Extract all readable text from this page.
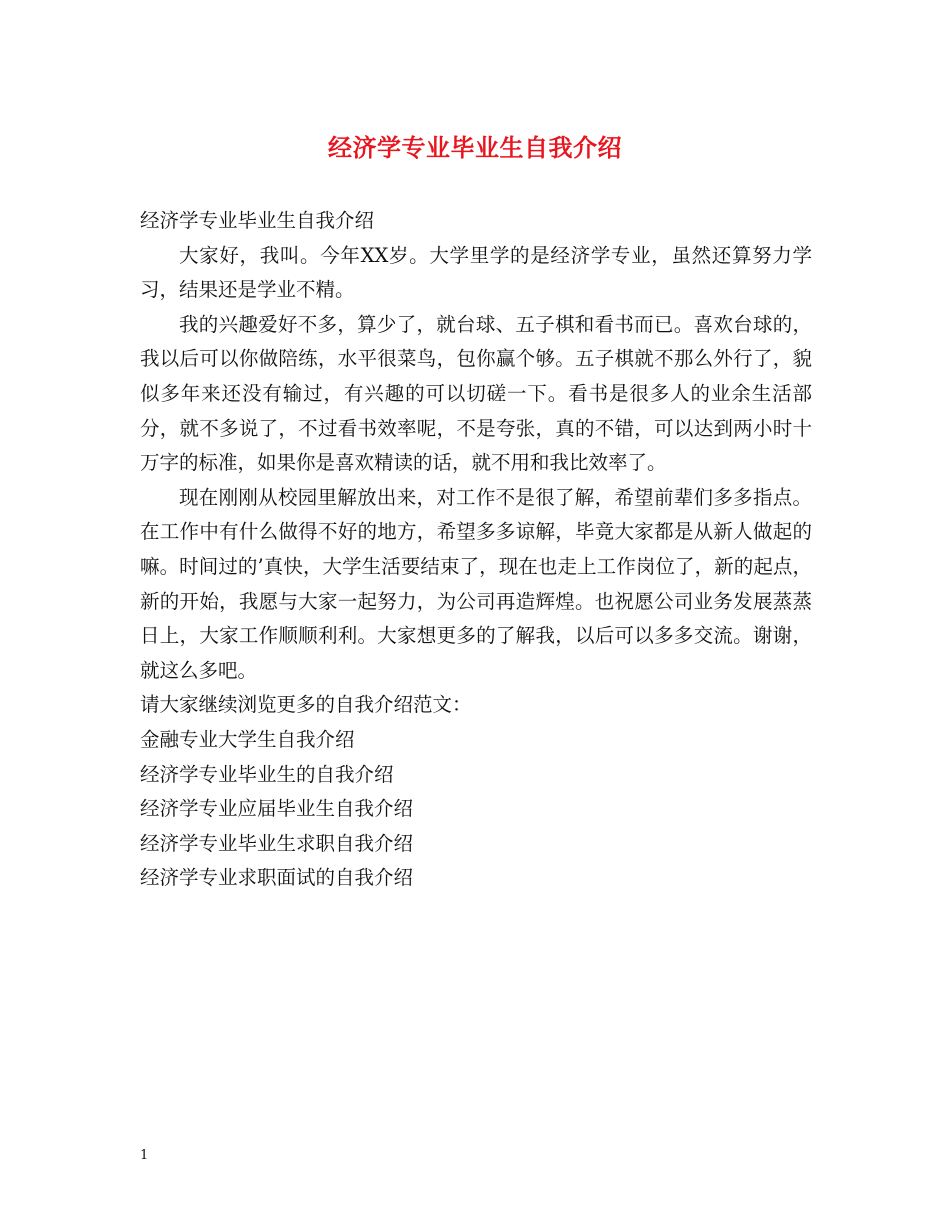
经济学专业毕业生自我介绍

经济学专业毕业生自我介绍

大家好，我叫。今年XX岁。大学里学的是经济学专业，虽然还算努力学习，结果还是学业不精。

我的兴趣爱好不多，算少了，就台球、五子棋和看书而已。喜欢台球的，我以后可以你做陪练，水平很菜鸟，包你赢个够。五子棋就不那么外行了，貌似多年来还没有输过，有兴趣的可以切磋一下。看书是很多人的业余生活部分，就不多说了，不过看书效率呢，不是夸张，真的不错，可以达到两小时十万字的标准，如果你是喜欢精读的话，就不用和我比效率了。

现在刚刚从校园里解放出来，对工作不是很了解，希望前辈们多多指点。在工作中有什么做得不好的地方，希望多多谅解，毕竟大家都是从新人做起的嘛。时间过的’真快，大学生活要结束了，现在也走上工作岗位了，新的起点，新的开始，我愿与大家一起努力，为公司再造辉煌。也祝愿公司业务发展蒸蒸日上，大家工作顺顺利利。大家想更多的了解我，以后可以多多交流。谢谢，就这么多吧。

请大家继续浏览更多的自我介绍范文：

金融专业大学生自我介绍

经济学专业毕业生的自我介绍

经济学专业应届毕业生自我介绍

经济学专业毕业生求职自我介绍

经济学专业求职面试的自我介绍

1
